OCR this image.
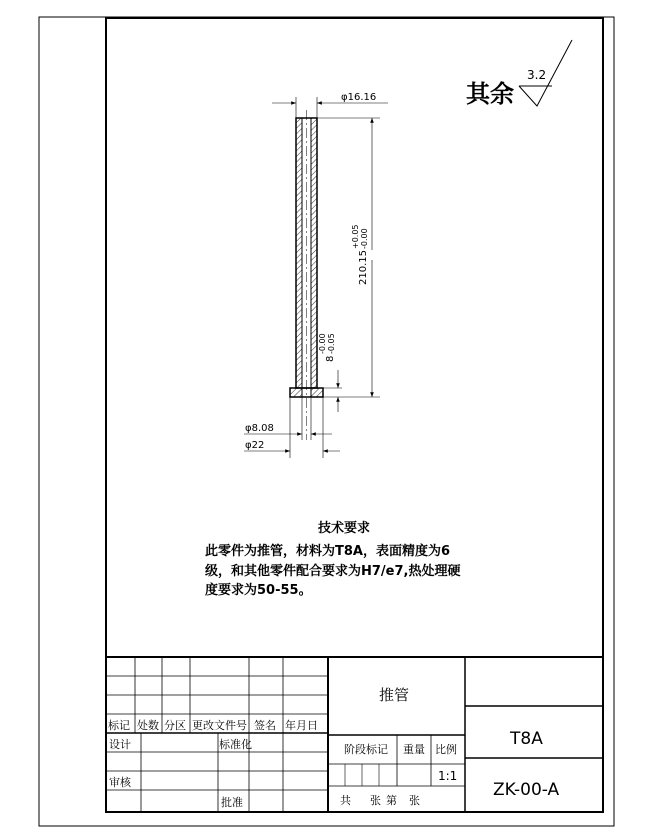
其余
3.2
φ16.16
210.15
+0.05 -0.00
8
-0.00 -0.05
φ8.08
φ22
技术要求
此零件为推管，材料为T8A，表面精度为6
级，和其他零件配合要求为H7/e7,热处理硬
度要求为50-55。
标记 处数 分区 更改文件号 签名 年月日
设计	标准化
审核
批准
推管
阶段标记 重量 比例
1:1
共 张 第 张
T8A
ZK-00-A
